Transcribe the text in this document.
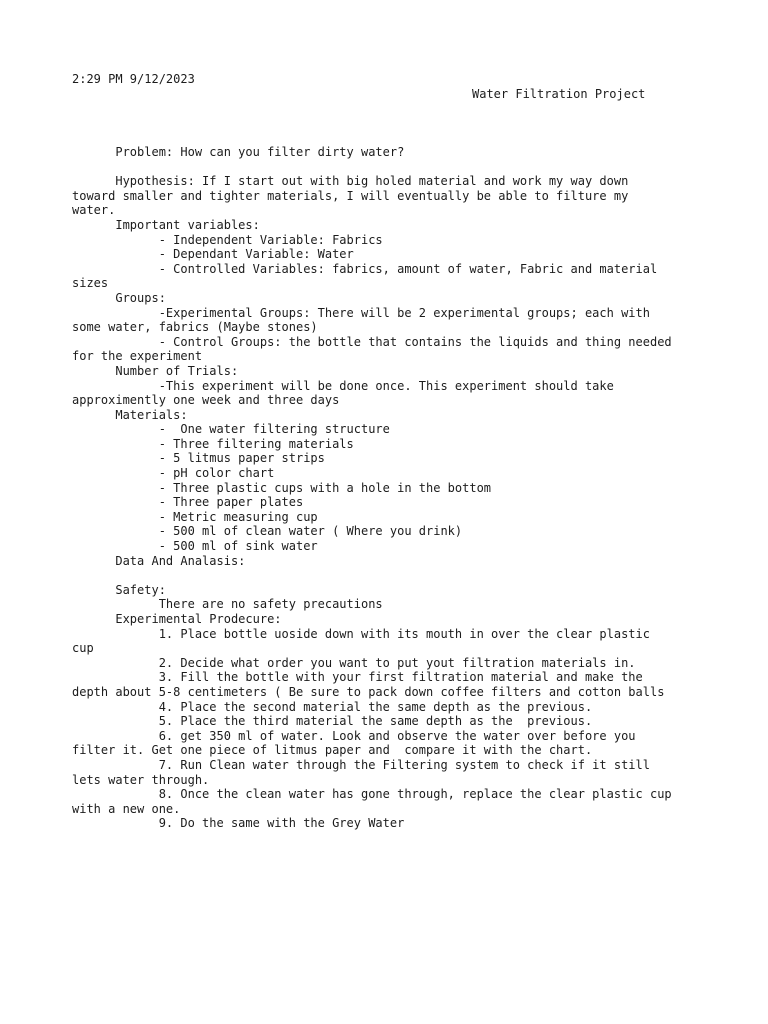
2:29 PM 9/12/2023
Water Filtration Project
Problem: How can you filter dirty water?
Hypothesis: If I start out with big holed material and work my way down
toward smaller and tighter materials, I will eventually be able to filture my
water.
Important variables:
- Independent Variable: Fabrics
- Dependant Variable: Water
- Controlled Variables: fabrics, amount of water, Fabric and material
sizes
Groups:
-Experimental Groups: There will be 2 experimental groups; each with
some water, fabrics (Maybe stones)
- Control Groups: the bottle that contains the liquids and thing needed
for the experiment
Number of Trials:
-This experiment will be done once. This experiment should take
approximently one week and three days
Materials:
-  One water filtering structure
- Three filtering materials
- 5 litmus paper strips
- pH color chart
- Three plastic cups with a hole in the bottom
- Three paper plates
- Metric measuring cup
- 500 ml of clean water ( Where you drink)
- 500 ml of sink water
Data And Analasis:
Safety:
There are no safety precautions
Experimental Prodecure:
1. Place bottle uoside down with its mouth in over the clear plastic
cup
2. Decide what order you want to put yout filtration materials in.
3. Fill the bottle with your first filtration material and make the
depth about 5-8 centimeters ( Be sure to pack down coffee filters and cotton balls
4. Place the second material the same depth as the previous.
5. Place the third material the same depth as the  previous.
6. get 350 ml of water. Look and observe the water over before you
filter it. Get one piece of litmus paper and  compare it with the chart.
7. Run Clean water through the Filtering system to check if it still
lets water through.
8. Once the clean water has gone through, replace the clear plastic cup
with a new one.
9. Do the same with the Grey Water
